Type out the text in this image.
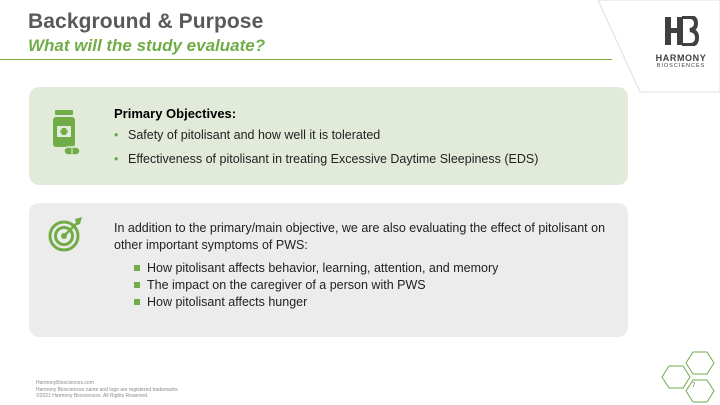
Background & Purpose
What will the study evaluate?
HARMONY
BIOSCIENCES
Primary Objectives:
• Safety of pitolisant and how well it is tolerated
• Effectiveness of pitolisant in treating Excessive Daytime Sleepiness (EDS)
In addition to the primary/main objective, we are also evaluating the effect of pitolisant on other important symptoms of PWS:
How pitolisant affects behavior, learning, attention, and memory
The impact on the caregiver of a person with PWS
How pitolisant affects hunger
HarmonyBiosciences.com
Harmony Biosciences name and logo are registered trademarks.
©2021 Harmony Biosciences. All Rights Reserved.
7
